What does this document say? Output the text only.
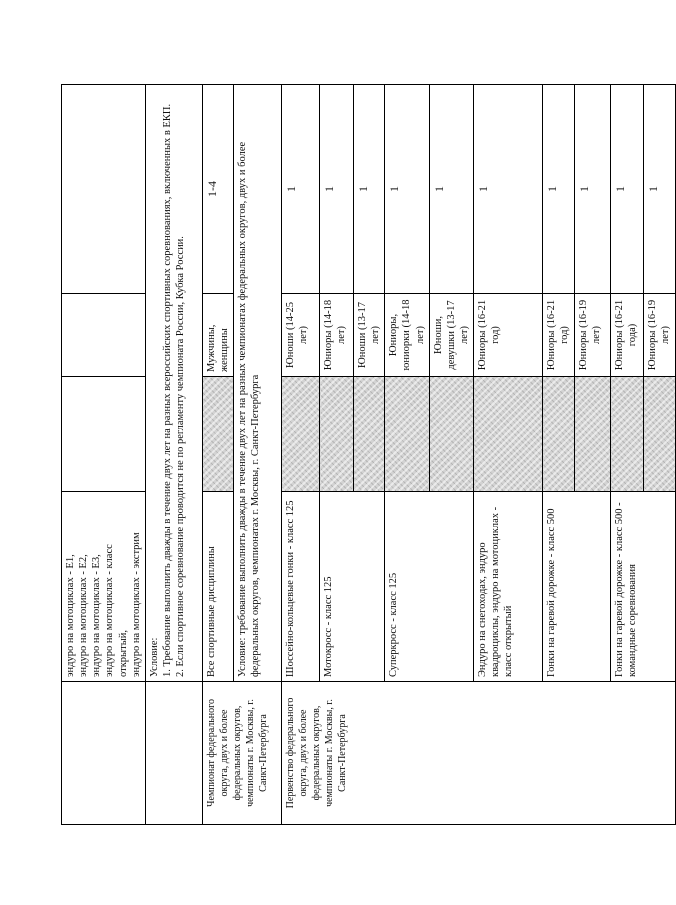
	эндуро на мотоциклах - Е1, эндуро на мотоциклах - Е2, эндуро на мотоциклах - Е3, эндуро на мотоциклах - класс открытый, эндуро на мотоциклах - экстрим			

	Условие: 1. Требование выполнить дважды в течение двух лет на разных всероссийских спортивных соревнованиях, включенных в ЕКП. 2. Если спортивное соревнование проводится не по регламенту чемпионата России, Кубка России.			

Чемпионат федерального округа, двух и более федеральных округов, чемпионаты г. Москвы, г. Санкт-Петербурга	Все спортивные дисциплины		Мужчины, женщины	1-4
	Условие: требование выполнить дважды в течение двух лет на разных чемпионатах федеральных округов, двух и более федеральных округов, чемпионатах г. Москвы, г. Санкт-Петербурга			
Первенство федерального округа, двух и более федеральных округов, чемпионаты г. Москвы, г. Санкт-Петербурга	Шоссейно-кольцевые гонки - класс 125		Юноши (14-25 лет)	1
	Мотокросс - класс 125		Юниоры (14-18 лет)	1
			Юноши (13-17 лет)	1
	Суперкросс - класс 125		Юниоры, юниорки (14-18 лет)	1
			Юноши, девушки (13-17 лет)	1
	Эндуро на снегоходах, эндуро квадроциклы, эндуро на мотоциклах - класс открытый		Юниоры (16-21 год)	1
	Гонки на гаревой дорожке - класс 500		Юниоры (16-21 год)	1
			Юниоры (16-19 лет)	1
	Гонки на гаревой дорожке - класс 500 - командные соревнования		Юниоры (16-21 года)	1
			Юниоры (16-19 лет)	1
